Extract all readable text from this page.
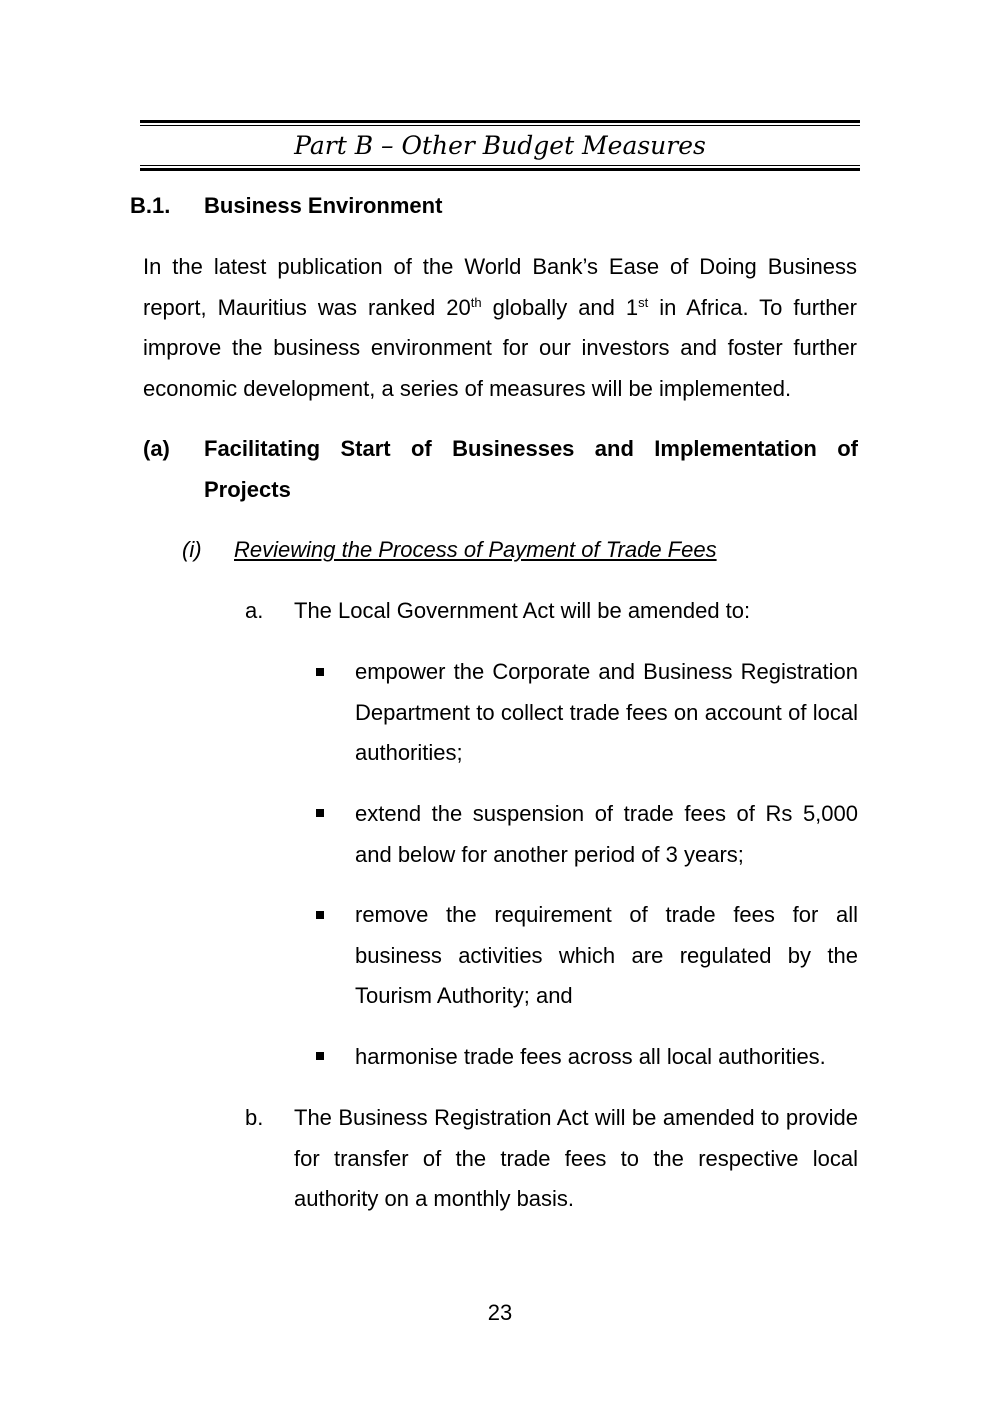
Part B – Other Budget Measures
B.1. Business Environment
In the latest publication of the World Bank’s Ease of Doing Business
report, Mauritius was ranked 20th globally and 1st in Africa. To further
improve the business environment for our investors and foster further economic development, a series of measures will be implemented.
(a) Facilitating Start of Businesses and Implementation of Projects
(i) Reviewing the Process of Payment of Trade Fees
a. The Local Government Act will be amended to:
empower the Corporate and Business Registration Department to collect trade fees on account of local authorities;
extend the suspension of trade fees of Rs 5,000 and below for another period of 3 years;
remove the requirement of trade fees for all business activities which are regulated by the Tourism Authority; and
harmonise trade fees across all local authorities.
b. The Business Registration Act will be amended to provide for transfer of the trade fees to the respective local authority on a monthly basis.
23
